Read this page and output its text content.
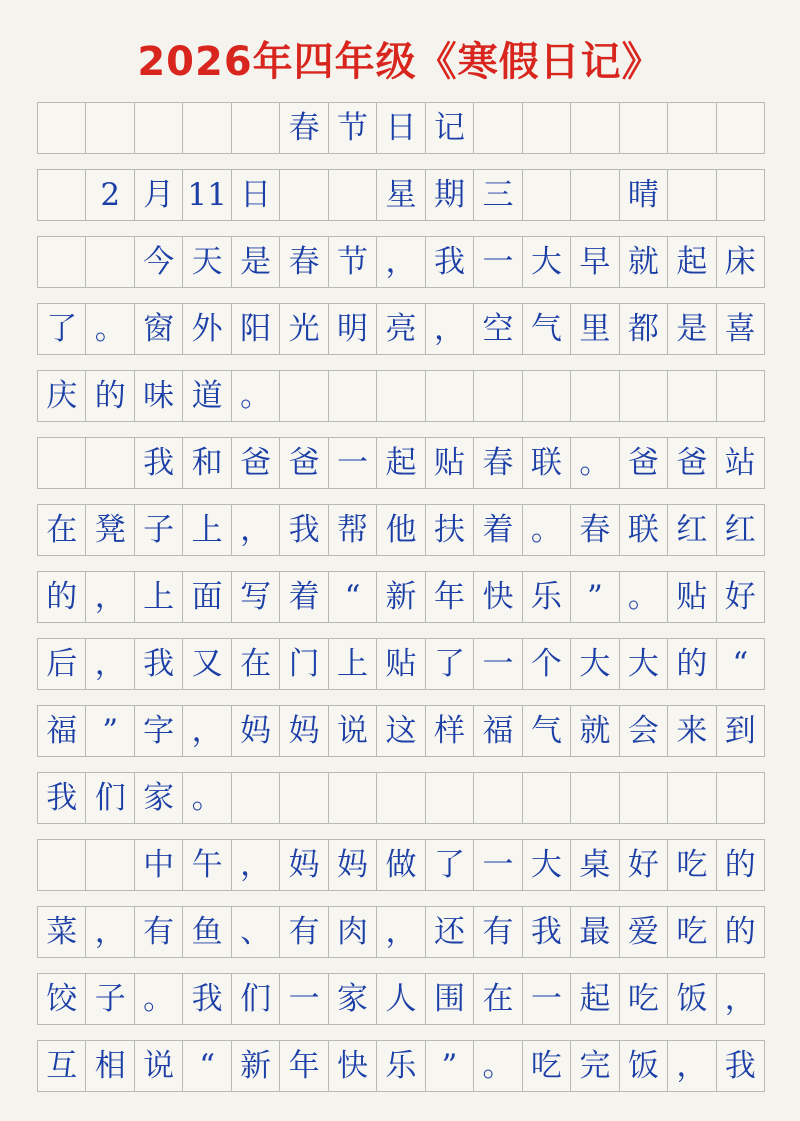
2026年四年级《寒假日记》
春 节 日 记
2 月 11 日	星 期 三	晴
今 天 是 春 节 ， 我 一 大 早 就 起 床
了 。 窗 外 阳 光 明 亮 ， 空 气 里 都 是 喜
庆 的 味 道 。
我 和 爸 爸 一 起 贴 春 联 。 爸 爸 站
在 凳 子 上 ， 我 帮 他 扶 着 。 春 联 红 红
的 ， 上 面 写 着 “ 新 年 快 乐 ” 。 贴 好
后 ， 我 又 在 门 上 贴 了 一 个 大 大 的 “
福 ” 字 ， 妈 妈 说 这 样 福 气 就 会 来 到
我 们 家 。
中 午 ， 妈 妈 做 了 一 大 桌 好 吃 的
菜 ， 有 鱼 、 有 肉 ， 还 有 我 最 爱 吃 的
饺 子 。 我 们 一 家 人 围 在 一 起 吃 饭 ，
互 相 说 “ 新 年 快 乐 ” 。 吃 完 饭 ， 我
